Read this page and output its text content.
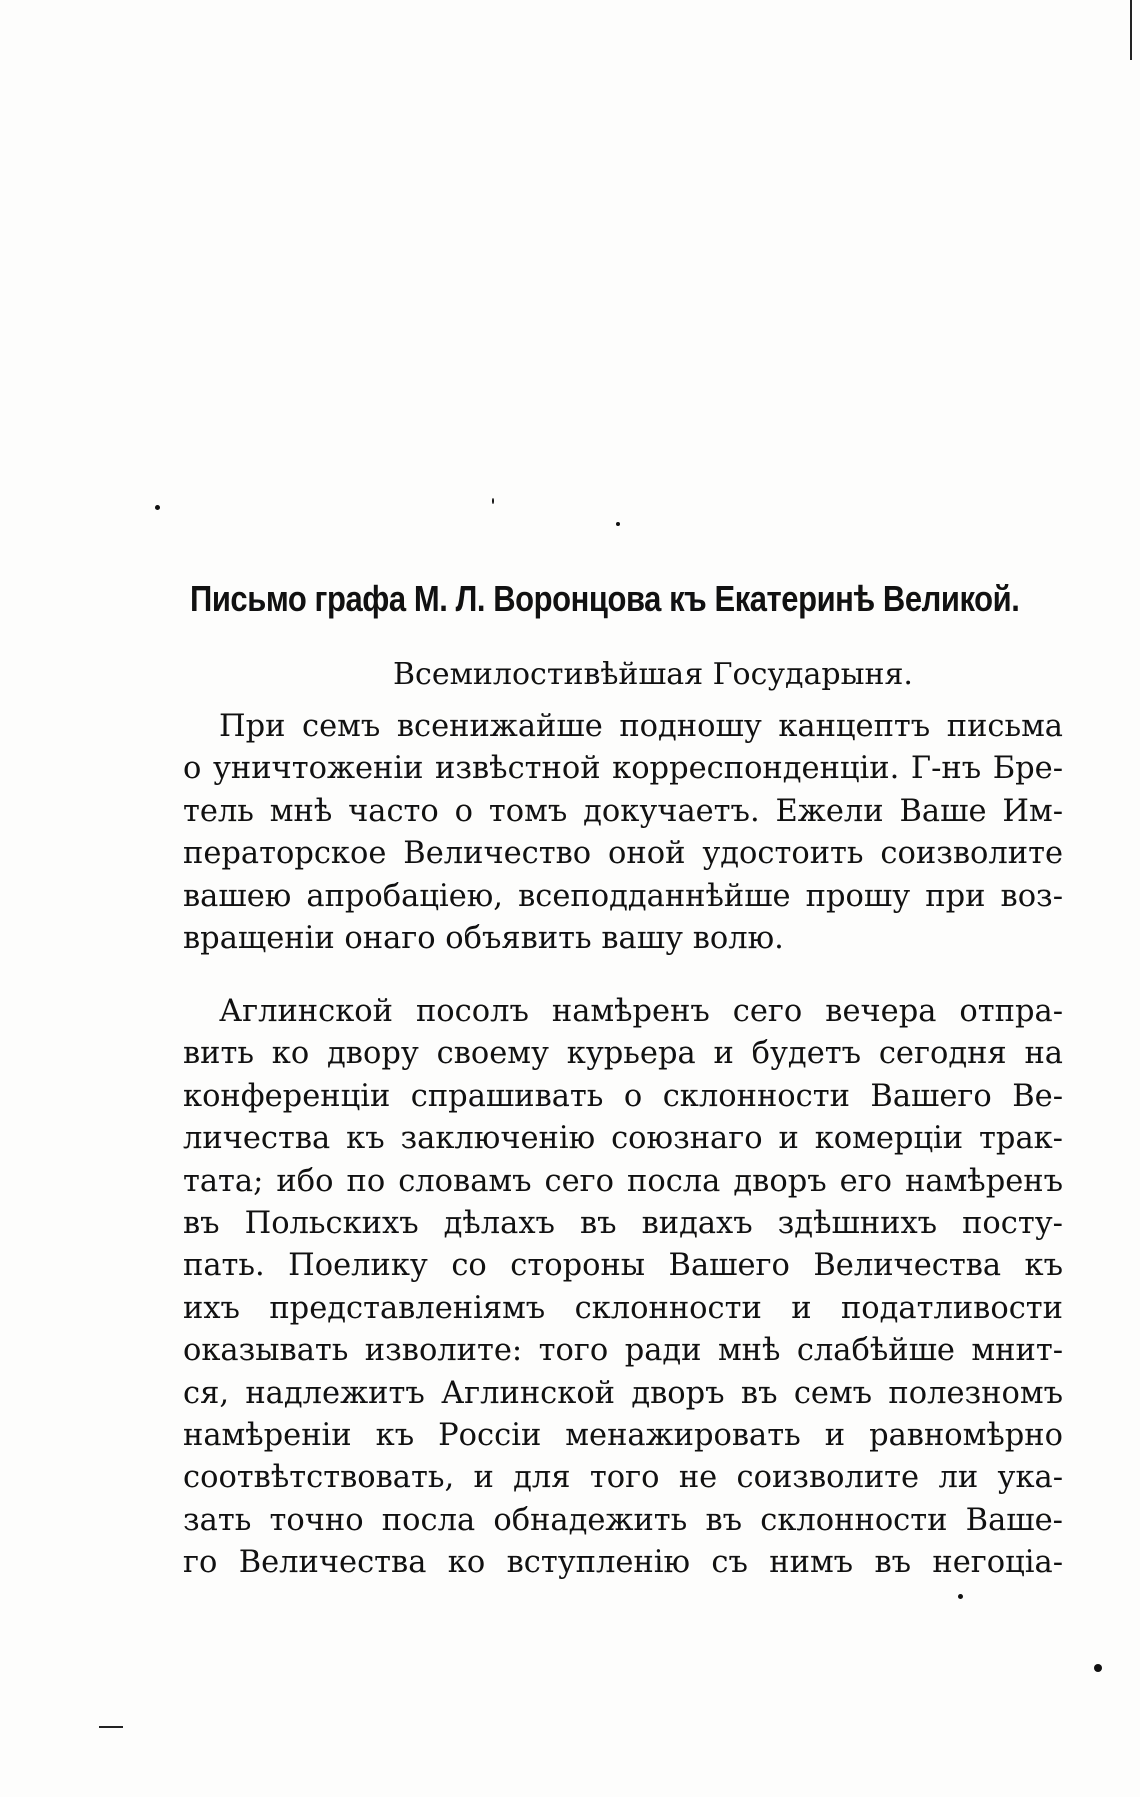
Письмо графа М. Л. Воронцова къ Екатеринѣ Великой.
Всемилостивѣйшая Государыня.
При семъ всенижайше подношу канцептъ письма
о уничтоженіи извѣстной корреспонденціи. Г-нъ Бре-
тель мнѣ часто о томъ докучаетъ. Ежели Ваше Им-
ператорское Величество оной удостоить соизволите
вашею апробаціею, всеподданнѣйше прошу при воз-
вращеніи онаго объявить вашу волю.
Аглинской посолъ намѣренъ сего вечера отпра-
вить ко двору своему курьера и будетъ сегодня на
конференціи спрашивать о склонности Вашего Ве-
личества къ заключенію союзнаго и комерціи трак-
тата; ибо по словамъ сего посла дворъ его намѣренъ
въ Польскихъ дѣлахъ въ видахъ здѣшнихъ посту-
пать. Поелику со стороны Вашего Величества къ
ихъ представленіямъ склонности и податливости
оказывать изволите: того ради мнѣ слабѣйше мнит-
ся, надлежитъ Аглинской дворъ въ семъ полезномъ
намѣреніи къ Россіи менажировать и равномѣрно
соотвѣтствовать, и для того не соизволите ли ука-
зать точно посла обнадежить въ склонности Ваше-
го Величества ко вступленію съ нимъ въ негоціа-
